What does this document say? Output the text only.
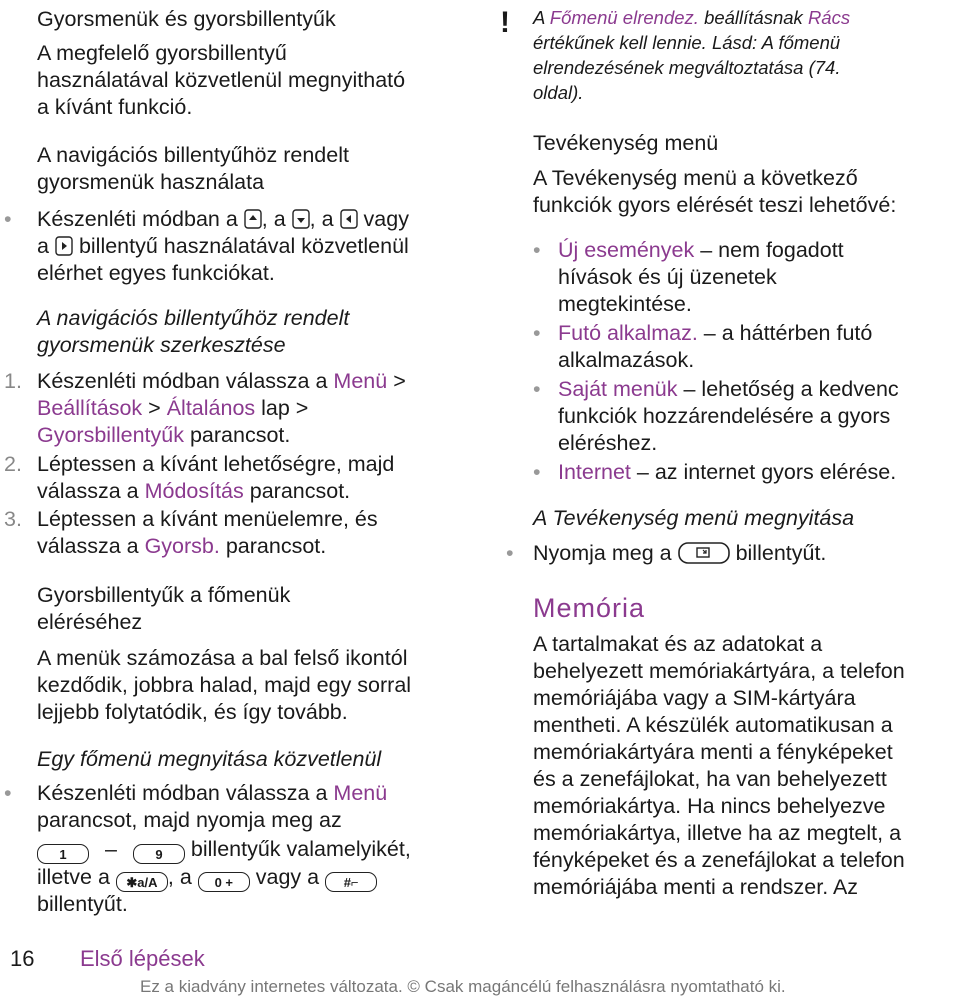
Gyorsmenük és gyorsbillentyűk
A megfelelő gyorsbillentyű
használatával közvetlenül megnyitható
a kívánt funkció.
A navigációs billentyűhöz rendelt
gyorsmenük használata
• Készenléti módban a , a , a vagy
a billentyű használatával közvetlenül
elérhet egyes funkciókat.
A navigációs billentyűhöz rendelt
gyorsmenük szerkesztése
1. Készenléti módban válassza a Menü >
Beállítások > Általános lap >
Gyorsbillentyűk parancsot.
2. Léptessen a kívánt lehetőségre, majd
válassza a Módosítás parancsot.
3. Léptessen a kívánt menüelemre, és
válassza a Gyorsb. parancsot.
Gyorsbillentyűk a főmenük
eléréséhez
A menük számozása a bal felső ikontól
kezdődik, jobbra halad, majd egy sorral
lejjebb folytatódik, és így tovább.
Egy főmenü megnyitása közvetlenül
• Készenléti módban válassza a Menü
parancsot, majd nyomja meg az
1 –	9 billentyűk valamelyikét,
illetve a ✱a/A , a 0 + vagy a #⌐
billentyűt.
! A Főmenü elrendez. beállításnak Rács
értékűnek kell lennie. Lásd: A főmenü
elrendezésének megváltoztatása (74.
oldal).
Tevékenység menü
A Tevékenység menü a következő
funkciók gyors elérését teszi lehetővé:
• Új események – nem fogadott
hívások és új üzenetek
megtekintése.
• Futó alkalmaz. – a háttérben futó
alkalmazások.
• Saját menük – lehetőség a kedvenc
funkciók hozzárendelésére a gyors
eléréshez.
• Internet – az internet gyors elérése.
A Tevékenység menü megnyitása
• Nyomja meg a	billentyűt.
Memória
A tartalmakat és az adatokat a
behelyezett memóriakártyára, a telefon
memóriájába vagy a SIM-kártyára
mentheti. A készülék automatikusan a
memóriakártyára menti a fényképeket
és a zenefájlokat, ha van behelyezett
memóriakártya. Ha nincs behelyezve
memóriakártya, illetve ha az megtelt, a
fényképeket és a zenefájlokat a telefon
memóriájába menti a rendszer. Az
16 Első lépések
Ez a kiadvány internetes változata. © Csak magáncélú felhasználásra nyomtatható ki.
